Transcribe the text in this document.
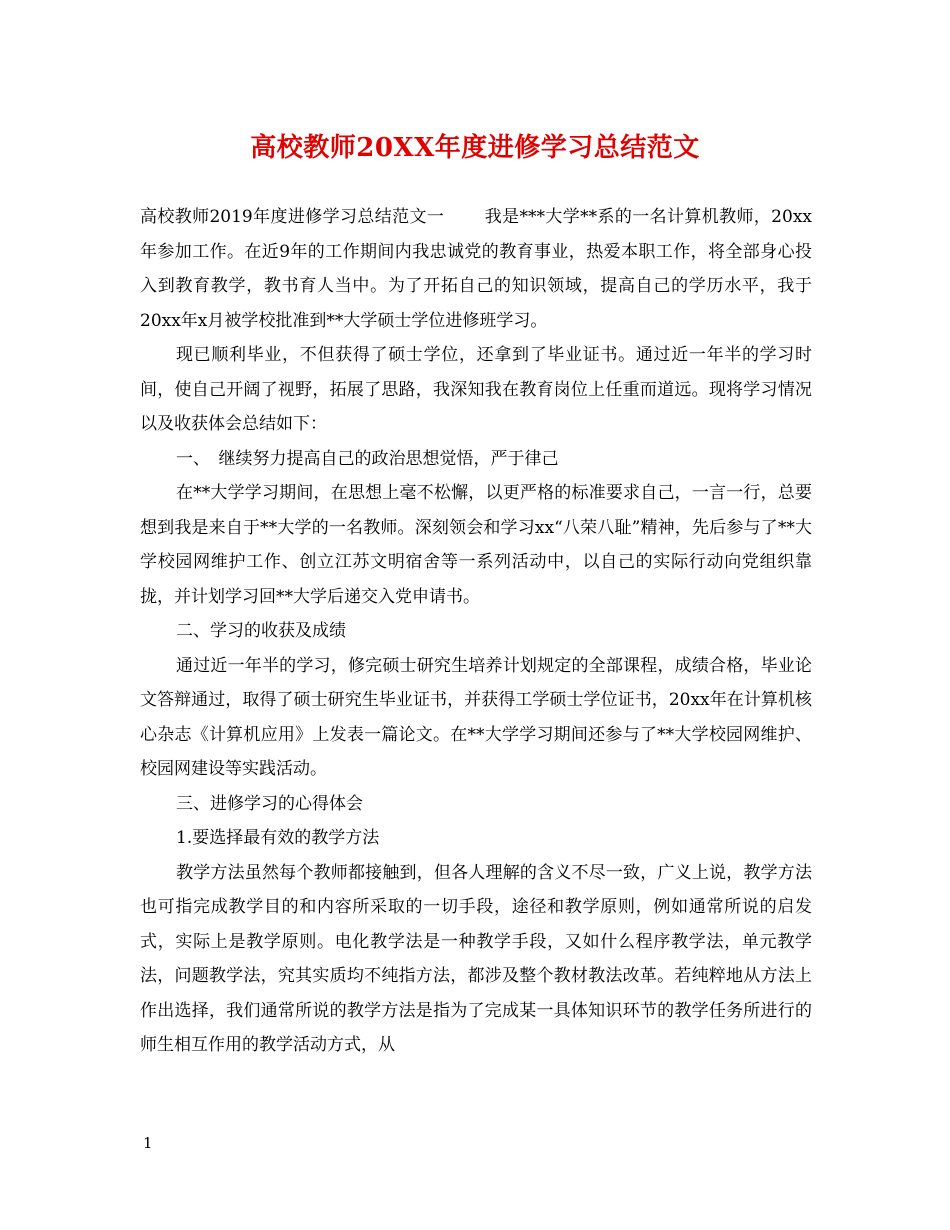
高校教师20XX年度进修学习总结范文

高校教师2019年度进修学习总结范文一　　 我是***大学**系的一名计算机教师，20xx年参加工作。在近9年的工作期间内我忠诚党的教育事业，热爱本职工作，将全部身心投入到教育教学，教书育人当中。为了开拓自己的知识领域，提高自己的学历水平，我于20xx年x月被学校批准到**大学硕士学位进修班学习。

现已顺利毕业，不但获得了硕士学位，还拿到了毕业证书。通过近一年半的学习时间，使自己开阔了视野，拓展了思路，我深知我在教育岗位上任重而道远。现将学习情况以及收获体会总结如下：

一、　继续努力提高自己的政治思想觉悟，严于律己

在**大学学习期间，在思想上毫不松懈，以更严格的标准要求自己，一言一行，总要想到我是来自于**大学的一名教师。深刻领会和学习xx“八荣八耻”精神，先后参与了**大学校园网维护工作、创立江苏文明宿舍等一系列活动中，以自己的实际行动向党组织靠拢，并计划学习回**大学后递交入党申请书。

二、学习的收获及成绩

通过近一年半的学习，修完硕士研究生培养计划规定的全部课程，成绩合格，毕业论文答辩通过，取得了硕士研究生毕业证书，并获得工学硕士学位证书，20xx年在计算机核心杂志《计算机应用》上发表一篇论文。在**大学学习期间还参与了**大学校园网维护、校园网建设等实践活动。

三、进修学习的心得体会

1.要选择最有效的教学方法

教学方法虽然每个教师都接触到，但各人理解的含义不尽一致，广义上说，教学方法也可指完成教学目的和内容所采取的一切手段，途径和教学原则，例如通常所说的启发式，实际上是教学原则。电化教学法是一种教学手段，又如什么程序教学法，单元教学法，问题教学法，究其实质均不纯指方法，都涉及整个教材教法改革。若纯粹地从方法上作出选择，我们通常所说的教学方法是指为了完成某一具体知识环节的教学任务所进行的师生相互作用的教学活动方式，从

1
